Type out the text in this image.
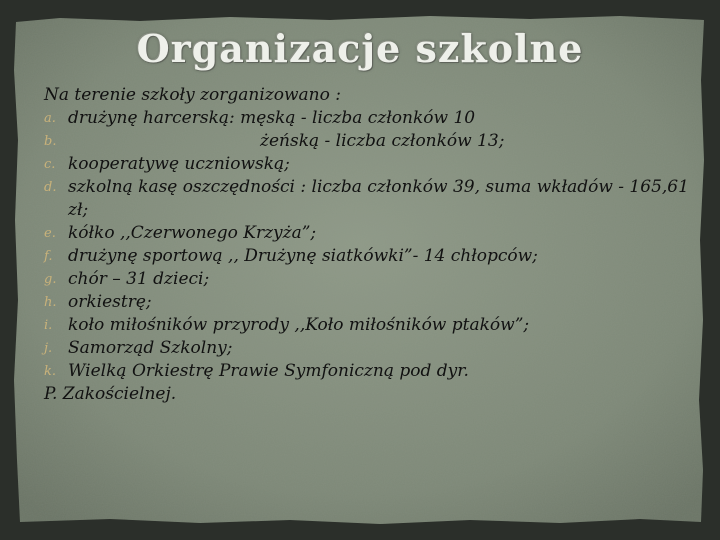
Organizacje szkolne
Na terenie szkoły zorganizowano :
a. drużynę harcerską: męską - liczba członków 10
b.	żeńską - liczba członków 13;
c. kooperatywę uczniowską;
d. szkolną kasę oszczędności : liczba członków 39, suma wkładów - 165,61 zł;
e. kółko ,,Czerwonego Krzyża”;
f. drużynę sportową ,, Drużynę siatkówki”- 14 chłopców;
g. chór – 31 dzieci;
h. orkiestrę;
i. koło miłośników przyrody ,,Koło miłośników ptaków”;
j. Samorząd Szkolny;
k. Wielką Orkiestrę Prawie Symfoniczną pod dyr.
P. Zakościelnej.
